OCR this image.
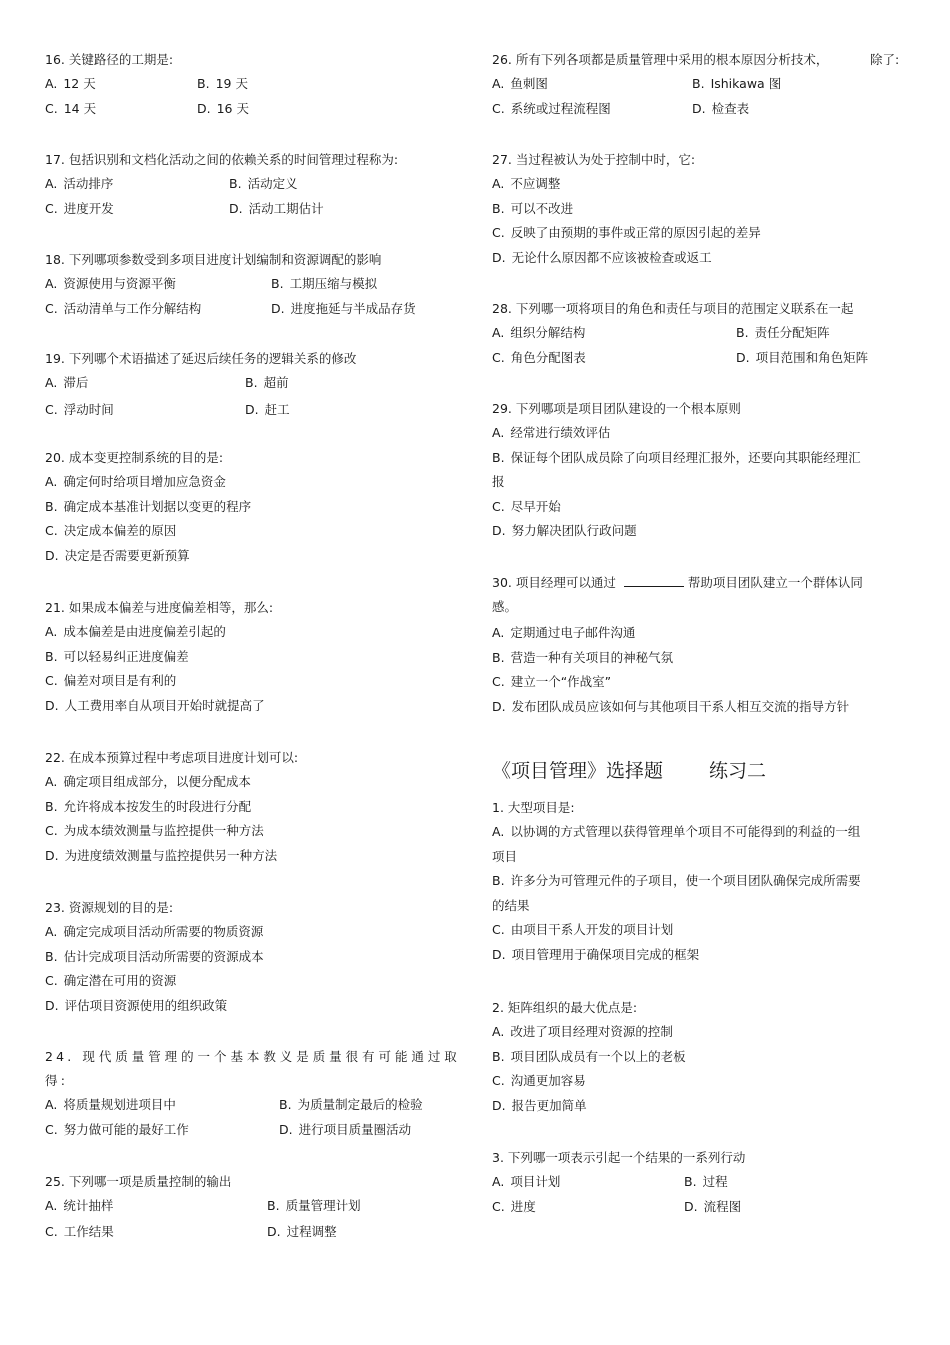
16. 关键路径的工期是:

A. 12 天	B. 19 天
C. 14 天	D. 16 天

17. 包括识别和文档化活动之间的依赖关系的时间管理过程称为:

A. 活动排序	B. 活动定义
C. 进度开发	D. 活动工期估计

18. 下列哪项参数受到多项目进度计划编制和资源调配的影响

A. 资源使用与资源平衡	B. 工期压缩与模拟
C. 活动清单与工作分解结构	D. 进度拖延与半成品存货

19. 下列哪个术语描述了延迟后续任务的逻辑关系的修改

A. 滞后	B. 超前
C. 浮动时间	D. 赶工

20. 成本变更控制系统的目的是:

A. 确定何时给项目增加应急资金
B. 确定成本基准计划据以变更的程序
C. 决定成本偏差的原因
D. 决定是否需要更新预算

21. 如果成本偏差与进度偏差相等，那么:

A. 成本偏差是由进度偏差引起的
B. 可以轻易纠正进度偏差
C. 偏差对项目是有利的
D. 人工费用率自从项目开始时就提高了

22. 在成本预算过程中考虑项目进度计划可以:

A. 确定项目组成部分，以便分配成本
B. 允许将成本按发生的时段进行分配
C. 为成本绩效测量与监控提供一种方法
D. 为进度绩效测量与监控提供另一种方法

23. 资源规划的目的是:

A. 确定完成项目活动所需要的物质资源
B. 估计完成项目活动所需要的资源成本
C. 确定潜在可用的资源
D. 评估项目资源使用的组织政策

24. 现代质量管理的一个基本教义是质量很有可能通过取得:

A. 将质量规划进项目中	B. 为质量制定最后的检验
C. 努力做可能的最好工作	D. 进行项目质量圈活动

25. 下列哪一项是质量控制的输出

A. 统计抽样	B. 质量管理计划
C. 工作结果	D. 过程调整

26. 所有下列各项都是质量管理中采用的根本原因分析技术，	除了:

A. 鱼刺图	B. Ishikawa 图
C. 系统或过程流程图	D. 检查表

27. 当过程被认为处于控制中时，它:

A. 不应调整
B. 可以不改进
C. 反映了由预期的事件或正常的原因引起的差异
D. 无论什么原因都不应该被检查或返工

28. 下列哪一项将项目的角色和责任与项目的范围定义联系在一起

A. 组织分解结构	B. 责任分配矩阵
C. 角色分配图表	D. 项目范围和角色矩阵

29. 下列哪项是项目团队建设的一个根本原则

A. 经常进行绩效评估
B. 保证每个团队成员除了向项目经理汇报外，还要向其职能经理汇报
C. 尽早开始
D. 努力解决团队行政问题

30. 项目经理可以通过	帮助项目团队建立一个群体认同感。

A. 定期通过电子邮件沟通
B. 营造一种有关项目的神秘气氛
C. 建立一个“作战室”
D. 发布团队成员应该如何与其他项目干系人相互交流的指导方针
《项目管理》选择题 练习二

1. 大型项目是:

A. 以协调的方式管理以获得管理单个项目不可能得到的利益的一组项目
B. 许多分为可管理元件的子项目，使一个项目团队确保完成所需要的结果
C. 由项目干系人开发的项目计划
D. 项目管理用于确保项目完成的框架

2. 矩阵组织的最大优点是:

A. 改进了项目经理对资源的控制
B. 项目团队成员有一个以上的老板
C. 沟通更加容易
D. 报告更加简单

3. 下列哪一项表示引起一个结果的一系列行动

A. 项目计划	B. 过程
C. 进度	D. 流程图
